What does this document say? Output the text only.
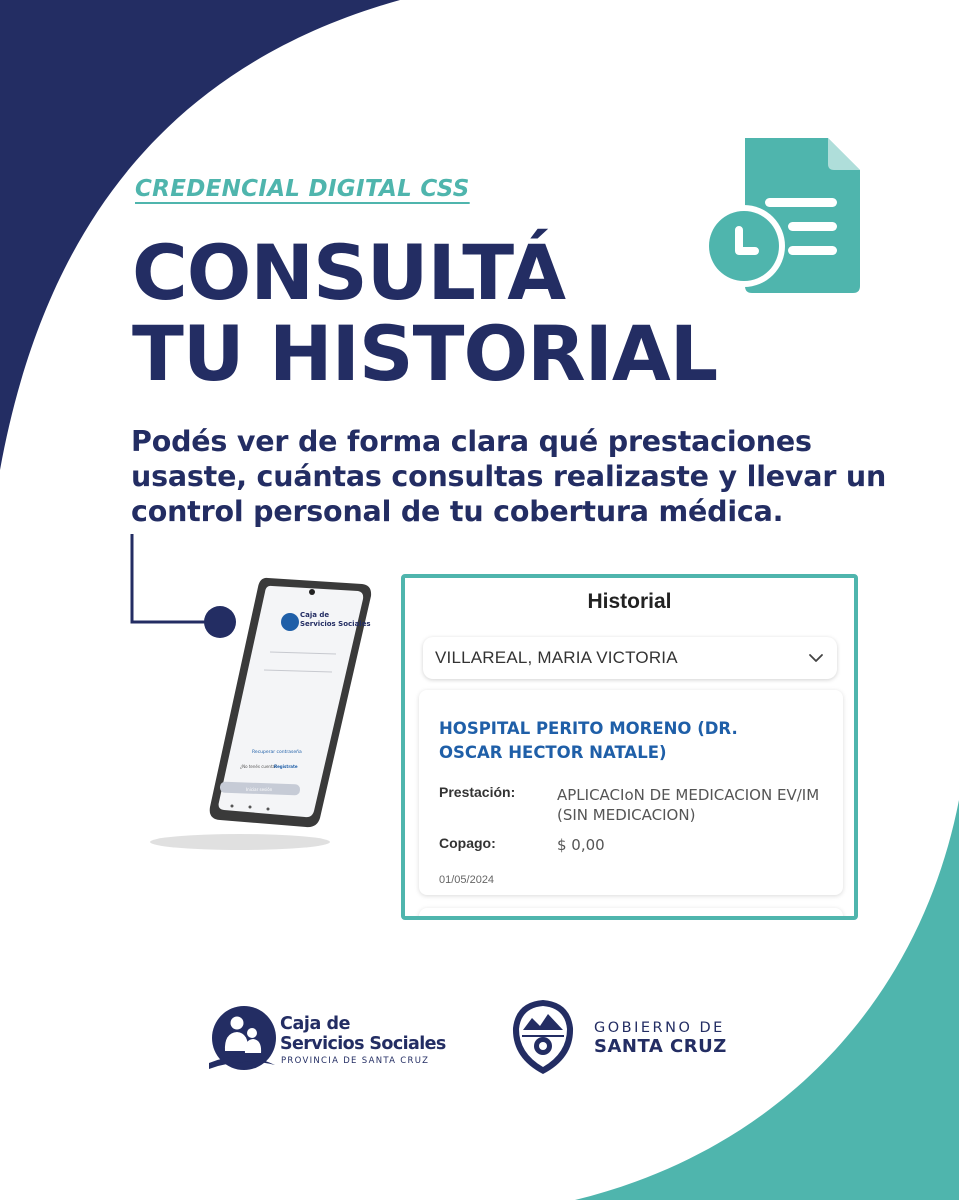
CREDENCIAL DIGITAL CSS
CONSULTÁ
TU HISTORIAL

Podés ver de forma clara qué prestaciones usaste, cuántas consultas realizaste y llevar un control personal de tu cobertura médica.

Caja de
Servicios Sociales
Recuperar contraseña
¿No tenés cuenta?
Registrate
Iniciar sesión
Historial
VILLAREAL, MARIA VICTORIA
HOSPITAL PERITO MORENO (DR. OSCAR HECTOR NATALE)
Prestación:	APLICACIoN DE MEDICACION EV/IM (SIN MEDICACION)
Copago:	$ 0,00
01/05/2024
Caja de
Servicios Sociales
PROVINCIA DE SANTA CRUZ
GOBIERNO DE
SANTA CRUZ
